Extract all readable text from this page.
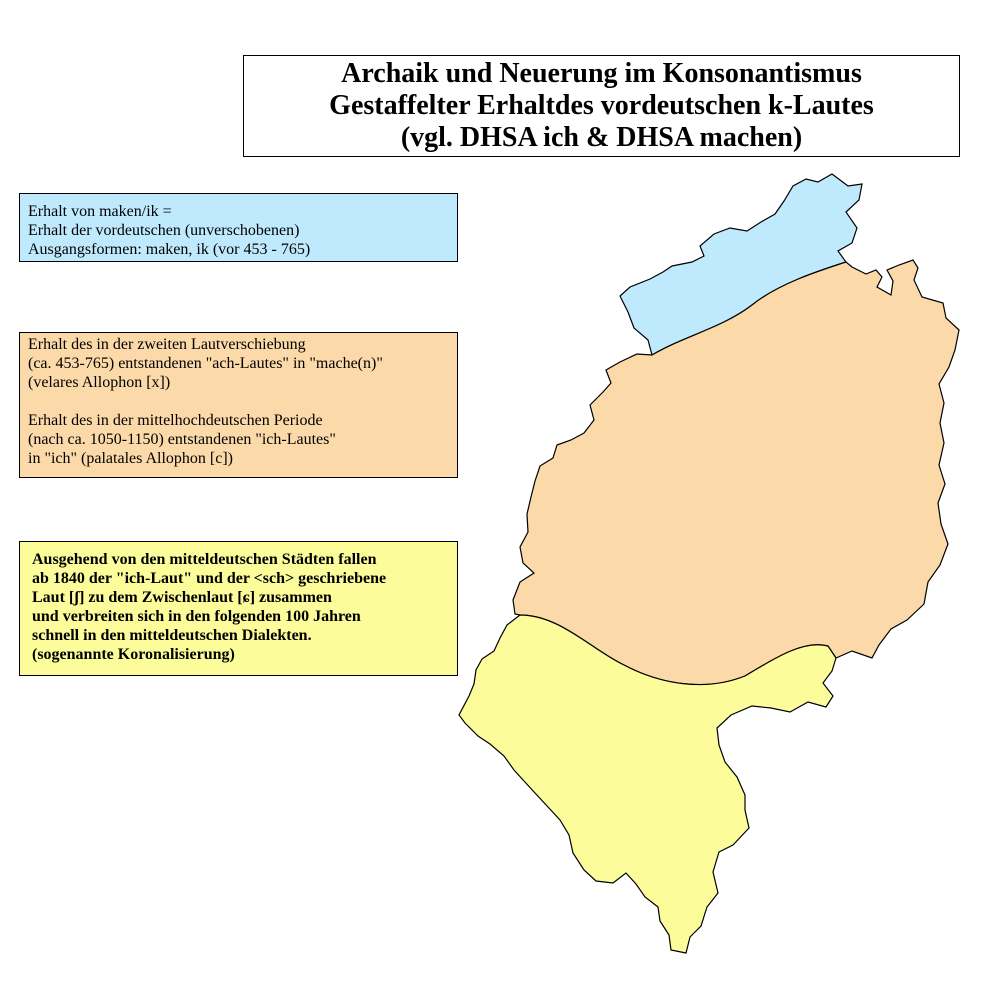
Archaik und Neuerung im Konsonantismus
Gestaffelter Erhaltdes vordeutschen k-Lautes
(vgl. DHSA ich & DHSA machen)
Erhalt von maken/ik =
Erhalt der vordeutschen (unverschobenen)
Ausgangsformen: maken, ik (vor 453 - 765)
Erhalt des in der zweiten Lautverschiebung
(ca. 453-765) entstandenen "ach-Lautes" in "mache(n)"
(velares Allophon [x])
Erhalt des in der mittelhochdeutschen Periode
(nach ca. 1050-1150) entstandenen "ich-Lautes"
in "ich" (palatales Allophon [c])
Ausgehend von den mitteldeutschen Städten fallen
ab 1840 der "ich-Laut" und der <sch> geschriebene
Laut [ʃ] zu dem Zwischenlaut [ɕ] zusammen
und verbreiten sich in den folgenden 100 Jahren
schnell in den mitteldeutschen Dialekten.
(sogenannte Koronalisierung)
